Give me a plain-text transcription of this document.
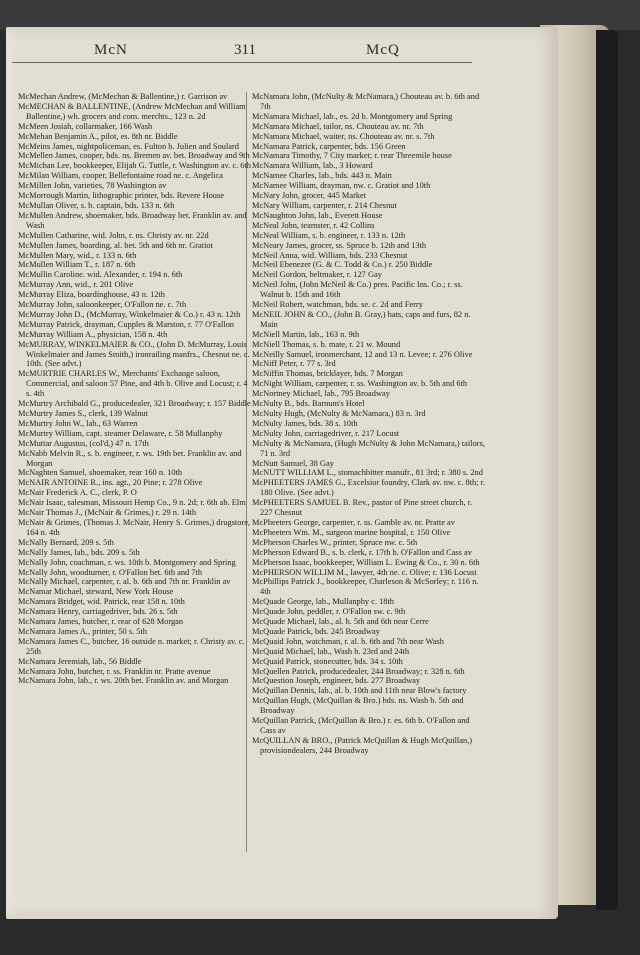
McN	311	McQ
McMechan Andrew, (McMechan & Ballentine,) r. Garrison av
McMECHAN & BALLENTINE, (Andrew McMechan and William Ballentine,) wh. grocers and com. merchts., 123 n. 2d
McMeen Josiah, collarmaker, 166 Wash
McMehan Benjamin A., pilot, es. 8th nr. Biddle
McMeins James, nightpoliceman, es. Fulton b. Julien and Soulard
McMellen James, cooper, bds. ns. Bremen av. bet. Broadway and 9th
McMichan Lee, bookkeeper, Elijah G. Tuttle, r. Washington av. c. 6th
McMilan William, cooper, Bellefontaine road ne. c. Angelica
McMillen John, varieties, 78 Washington av
McMorrough Martin, lithographic printer, bds. Revere House
McMullan Oliver, s. b. captain, bds. 133 n. 6th
McMullen Andrew, shoemaker, bds. Broadway bet. Franklin av. and Wash
McMullen Catharine, wid. John, r. ns. Christy av. nr. 22d
McMullen James, boarding, al. bet. 5th and 6th nr. Gratiot
McMullen Mary, wid., r. 133 n. 6th
McMullen William T., r. 187 n. 6th
McMullin Caroline. wid. Alexander, r. 194 n. 6th
McMurray Ann, wid., r. 201 Olive
McMurray Eliza, boardinghouse, 43 n. 12th
McMurray John, saloonkeeper, O'Fallon ne. c. 7th
McMurray John D., (McMurray, Winkelmaier & Co.) r. 43 n. 12th
McMurray Patrick, drayman, Cupples & Marston, r. 77 O'Fallon
McMurray William A., physician, 158 n. 4th
McMURRAY, WINKELMAIER & CO., (John D. McMurray, Louis Winkelmaier and James Smith,) ironrailing manfrs., Chesnut ne. c. 10th. (See advt.)
McMURTRIE CHARLES W., Merchants' Exchange saloon, Commercial, and saloon 57 Pine, and 4th b. Olive and Locust; r. 4 s. 4th
McMurtry Archibald G., producedealer, 321 Broadway; r. 157 Biddle
McMurtry James S., clerk, 139 Walnut
McMurtry John W., lab., 63 Warren
McMurtry William, capt. steamer Delaware, r. 58 Mullanphy
McMuttar Augustus, (col'd,) 47 n. 17th
McNabb Melvin R., s. b. engineer, r. ws. 19th bet. Franklin av. and Morgan
McNaghten Samuel, shoemaker, rear 160 n. 10th
McNAIR ANTOINE R., ins. agt., 20 Pine; r. 278 Olive
McNair Frederick A. C., clerk, P. O
McNair Isaac, salesman, Missouri Hemp Co., 9 n. 2d; r. 6th ab. Elm
McNair Thomas J., (McNair & Grimes,) r. 29 n. 14th
McNair & Grimes, (Thomas J. McNair, Henry S. Grimes,) drugstore, 164 n. 4th
McNally Bernard, 209 s. 5th
McNally James, lab., bds. 209 s. 5th
McNally John, coachman, r. ws. 10th b. Montgomery and Spring
McNally John, woodturner, r. O'Fallon bet. 6th and 7th
McNally Michael, carpenter, r. al. b. 6th and 7th nr. Franklin av
McNamar Michael, steward, New York House
McNamara Bridget, wid. Patrick, rear 158 n. 10th
McNamara Henry, carriagedriver, bds. 26 s. 5th
McNamara James, butcher, r. rear of 628 Morgan
McNamara James A., printer, 50 s. 5th
McNamara James C., butcher, 16 outside n. market; r. Christy av. c. 25th
McNamara Jeremiah, lab., 56 Biddle
McNamara John, butcher, r. ss. Franklin nr. Pratte avenue
McNamara John, lab., r. ws. 20th bet. Franklin av. and Morgan
McNamara John, (McNulty & McNamara,) Chouteau av. b. 6th and 7th
McNamara Michael, lab., es. 2d b. Montgomery and Spring
McNamara Michael, tailor, ns. Chouteau av. nr. 7th
McNamara Michael, waiter, ns. Chouteau av. nr. s. 7th
McNamara Patrick, carpenter, bds. 156 Green
McNamara Timothy, 7 City market; r. rear Threemile house
McNamara William, lab., 3 Howard
McNamee Charles, lab., bds. 443 n. Main
McNamee William, drayman, nw. c. Gratiot and 10th
McNary John, grocer, 445 Market
McNary William, carpenter, r. 214 Chesnut
McNaughton John, lab., Everett House
McNeal John, teamster, r. 42 Collins
McNeal William, s. b. engineer, r. 133 n. 12th
McNeary James, grocer, ss. Spruce b. 12th and 13th
McNeil Anna, wid. William, bds. 233 Chesnut
McNeil Ebenezer (G. & C. Todd & Co.) r. 250 Biddle
McNeil Gordon, beltmaker, r. 127 Gay
McNeil John, (John McNeil & Co.) pres. Pacific Ins. Co.; r. ss. Walnut b. 15th and 16th
McNeil Robert, watchman, bds. se. c. 2d and Ferry
McNEIL JOHN & CO., (John B. Gray,) hats, caps and furs, 82 n. Main
McNiell Martin, lab., 163 n. 9th
McNiell Thomas, s. b. mate, r. 21 w. Mound
McNeilly Samuel, ironmerchant, 12 and 13 n. Levee; r. 276 Olive
McNiff Peter, r. 77 s. 3rd
McNiffin Thomas, bricklayer, bds. 7 Morgan
McNight William, carpenter, r. ss. Washington av. b. 5th and 6th
McNortney Michael, lab., 795 Broadway
McNulty B., bds. Barnum's Hotel
McNulty Hugh, (McNulty & McNamara,) 83 n. 3rd
McNulty James, bds. 38 s. 10th
McNulty John, carriagedriver, r. 217 Locust
McNulty & McNamara, (Hugh McNulty & John McNamara,) tailors, 71 n. 3rd
McNutt Samuel, 38 Gay
McNUTT WILLIAM L., stomachbitter manufr., 81 3rd; r. 380 s. 2nd
McPHEETERS JAMES G., Excelsior foundry, Clark av. nw. c. 8th; r. 180 Olive. (See advt.)
McPHEETERS SAMUEL B. Rev., pastor of Pine street church, r. 227 Chesnut
McPheeters George, carpenter, r. ss. Gamble av. nr. Pratte av
McPheeters Wm. M., surgeon marine hospital, r. 150 Olive
McPherson Charles W., printer, Spruce nw. c. 5th
McPherson Edward B., s. b. clerk, r. 17th b. O'Fallon and Cass av
McPherson Isaac, bookkeeper, William L. Ewing & Co., r. 30 n. 6th
McPHERSON WILLIM M., lawyer, 4th ne. c. Olive; r. 136 Locust
McPhillips Patrick J., bookkeeper, Charleson & McSorley; r. 116 n. 4th
McQuade George, lab., Mullanphy c. 18th
McQuade John, peddler, r. O'Fallon sw. c. 9th
McQuade Michael, lab., al. b. 5th and 6th near Cerre
McQuade Patrick, bds. 245 Broadway
McQuaid John, watchman, r. al. b. 6th and 7th near Wash
McQuaid Michael, lab., Wash b. 23rd and 24th
McQuaid Patrick, stonecutter, bds. 34 s. 10th
McQuellen Patrick, producedealer, 244 Broadway; r. 328 n. 6th
McQuestion Joseph, engineer, bds. 277 Broadway
McQuillan Dennis, lab., al. b. 10th and 11th near Blow's factory
McQuillan Hugh, (McQuillan & Bro.) bds. ns. Wash b. 5th and Broadway
McQuillan Patrick, (McQuillan & Bro.) r. es. 6th b. O'Fallon and Cass av
McQUILLAN & BRO., (Patrick McQuillan & Hugh McQuillan,) provisiondealers, 244 Broadway
